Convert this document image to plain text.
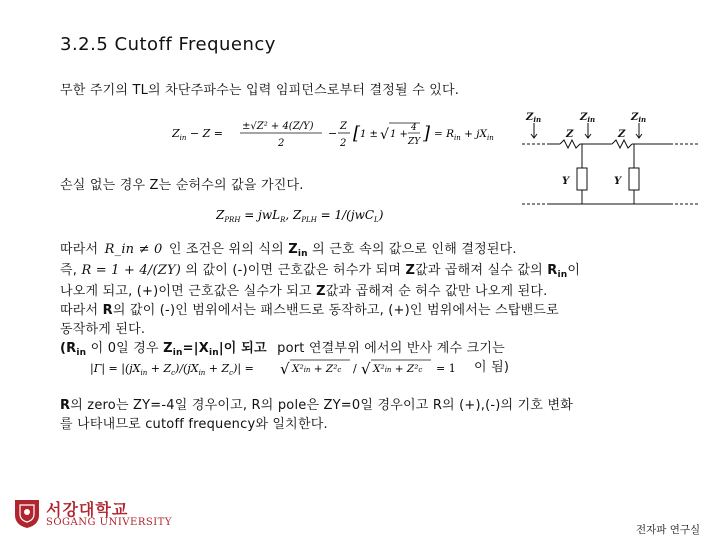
3.2.5 Cutoff Frequency
무한 주기의 TL의 차단주파수는 입력 임피던스로부터 결정될 수 있다.
$Z_{in} - Z$ =
±√Z² + 4(Z/Y)
2
−
Z
2 [ 1 ± √ 1 +
4
ZY ] = $R_{in} + jX_{in}$
$Z_{in}$	$Z_{in}$	$Z_{in}$
Z	Z
Y	Y
손실 없는 경우 Z는 순허수의 값을 가진다.
$Z_{PRH} = jwL_R$, $Z_{PLH} = 1/(jwC_L)$
따라서 R_in ≠ 0 인 조건은 위의 식의 $Z_{in}$ 의 근호 속의 값으로 인해 결정된다.
즉, R = 1 + 4/(ZY) 의 값이 (-)이면 근호값은 허수가 되며 Z값과 곱해져 실수 값의 $R_{in}$이
나오게 되고, (+)이면 근호값은 실수가 되고 Z값과 곱해져 순 허수 값만 나오게 된다.
따라서 R의 값이 (-)인 범위에서는 패스밴드로 동작하고, (+)인 범위에서는 스탑밴드로
동작하게 된다.
($R_{in}$ 이 0일 경우 $Z_{in}=|X_{in}|$이 되고 port 연결부위 에서의 반사 계수 크기는
$|\Gamma| = |(jX_{in} + Z_c)/(jX_{in} + Z_c)|$ = √ X²in + Z²c / √ X²in + Z²c = 1 이 됨)
R의 zero는 ZY=-4일 경우이고, R의 pole은 ZY=0일 경우이고 R의 (+),(-)의 기호 변화
를 나타내므로 cutoff frequency와 일치한다.
서강대학교
SOGANG UNIVERSITY
전자파 연구실
